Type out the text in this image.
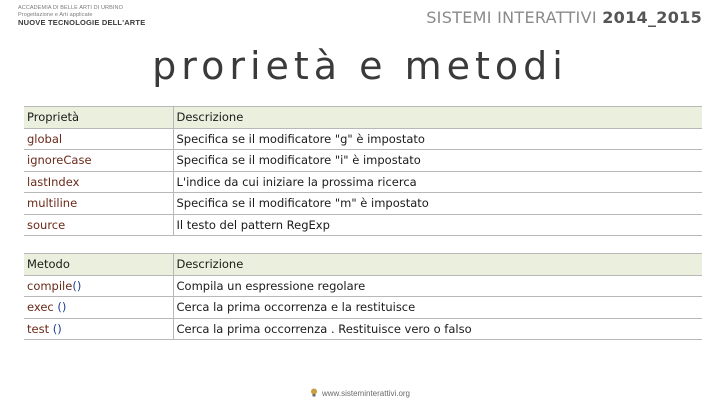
ACCADEMIA DI BELLE ARTI DI URBINO
Progettazione e Arti applicate
NUOVE TECNOLOGIE DELL'ARTE	SISTEMI INTERATTIVI 2014_2015
prorietà e metodi
Proprietà	Descrizione
global	Specifica se il modificatore "g" è impostato
ignoreCase	Specifica se il modificatore "i" è impostato
lastIndex	L'indice da cui iniziare la prossima ricerca
multiline	Specifica se il modificatore "m" è impostato
source	Il testo del pattern RegExp
Metodo	Descrizione
compile()	Compila un espressione regolare
exec ()	Cerca la prima occorrenza e la restituisce
test ()	Cerca la prima occorrenza . Restituisce vero o falso
www.sisteminterattivi.org
